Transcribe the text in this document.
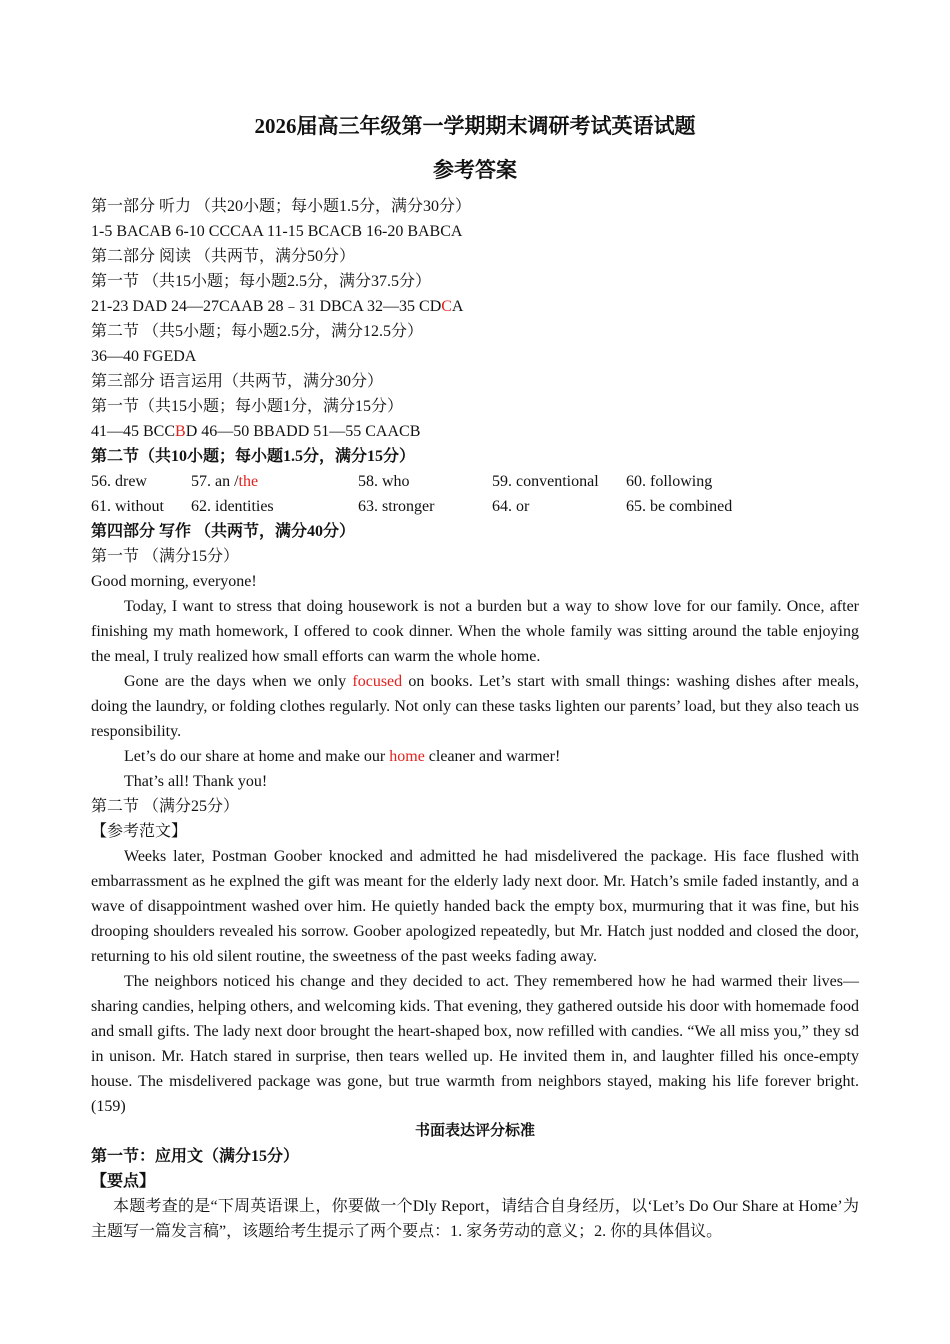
2026届高三年级第一学期期末调研考试英语试题
参考答案

第一部分 听力 （共20小题；每小题1.5分，满分30分）

1-5 BACAB 6-10 CCCAA 11-15 BCACB 16-20 BABCA

第二部分 阅读 （共两节，满分50分）

第一节 （共15小题；每小题2.5分，满分37.5分）

21-23 DAD 24—27CAAB 28﹣31 DBCA 32—35 CDCA

第二节 （共5小题；每小题2.5分，满分12.5分）

36—40 FGEDA

第三部分 语言运用（共两节，满分30分）

第一节（共15小题；每小题1分，满分15分）

41—45 BCCBD 46—50 BBADD 51—55 CAACB

第二节（共10小题；每小题1.5分，满分15分）

56. drew	57. an /the	58. who	59. conventional	60. following
61. without	62. identities	63. stronger	64. or	65. be combined

第四部分 写作 （共两节，满分40分）

第一节 （满分15分）

Good morning, everyone!

Today, I want to stress that doing housework is not a burden but a way to show love for our family. Once, after finishing my math homework, I offered to cook dinner. When the whole family was sitting around the table enjoying the meal, I truly realized how small efforts can warm the whole home.

Gone are the days when we only focused on books. Let’s start with small things: washing dishes after meals, doing the laundry, or folding clothes regularly. Not only can these tasks lighten our parents’ load, but they also teach us responsibility.

Let’s do our share at home and make our home cleaner and warmer!

That’s all! Thank you!

第二节 （满分25分）

【参考范文】

Weeks later, Postman Goober knocked and admitted he had misdelivered the package. His face flushed with embarrassment as he explned the gift was meant for the elderly lady next door. Mr. Hatch’s smile faded instantly, and a wave of disappointment washed over him. He quietly handed back the empty box, murmuring that it was fine, but his drooping shoulders revealed his sorrow. Goober apologized repeatedly, but Mr. Hatch just nodded and closed the door, returning to his old silent routine, the sweetness of the past weeks fading away.

The neighbors noticed his change and they decided to act. They remembered how he had warmed their lives—sharing candies, helping others, and welcoming kids. That evening, they gathered outside his door with homemade food and small gifts. The lady next door brought the heart-shaped box, now refilled with candies. “We all miss you,” they sd in unison. Mr. Hatch stared in surprise, then tears welled up. He invited them in, and laughter filled his once-empty house. The misdelivered package was gone, but true warmth from neighbors stayed, making his life forever bright. (159)

书面表达评分标准

第一节：应用文（满分15分）

【要点】

本题考查的是“下周英语课上，你要做一个Dly Report，请结合自身经历，以‘Let’s Do Our Share at Home’为主题写一篇发言稿”，该题给考生提示了两个要点：1. 家务劳动的意义；2. 你的具体倡议。
